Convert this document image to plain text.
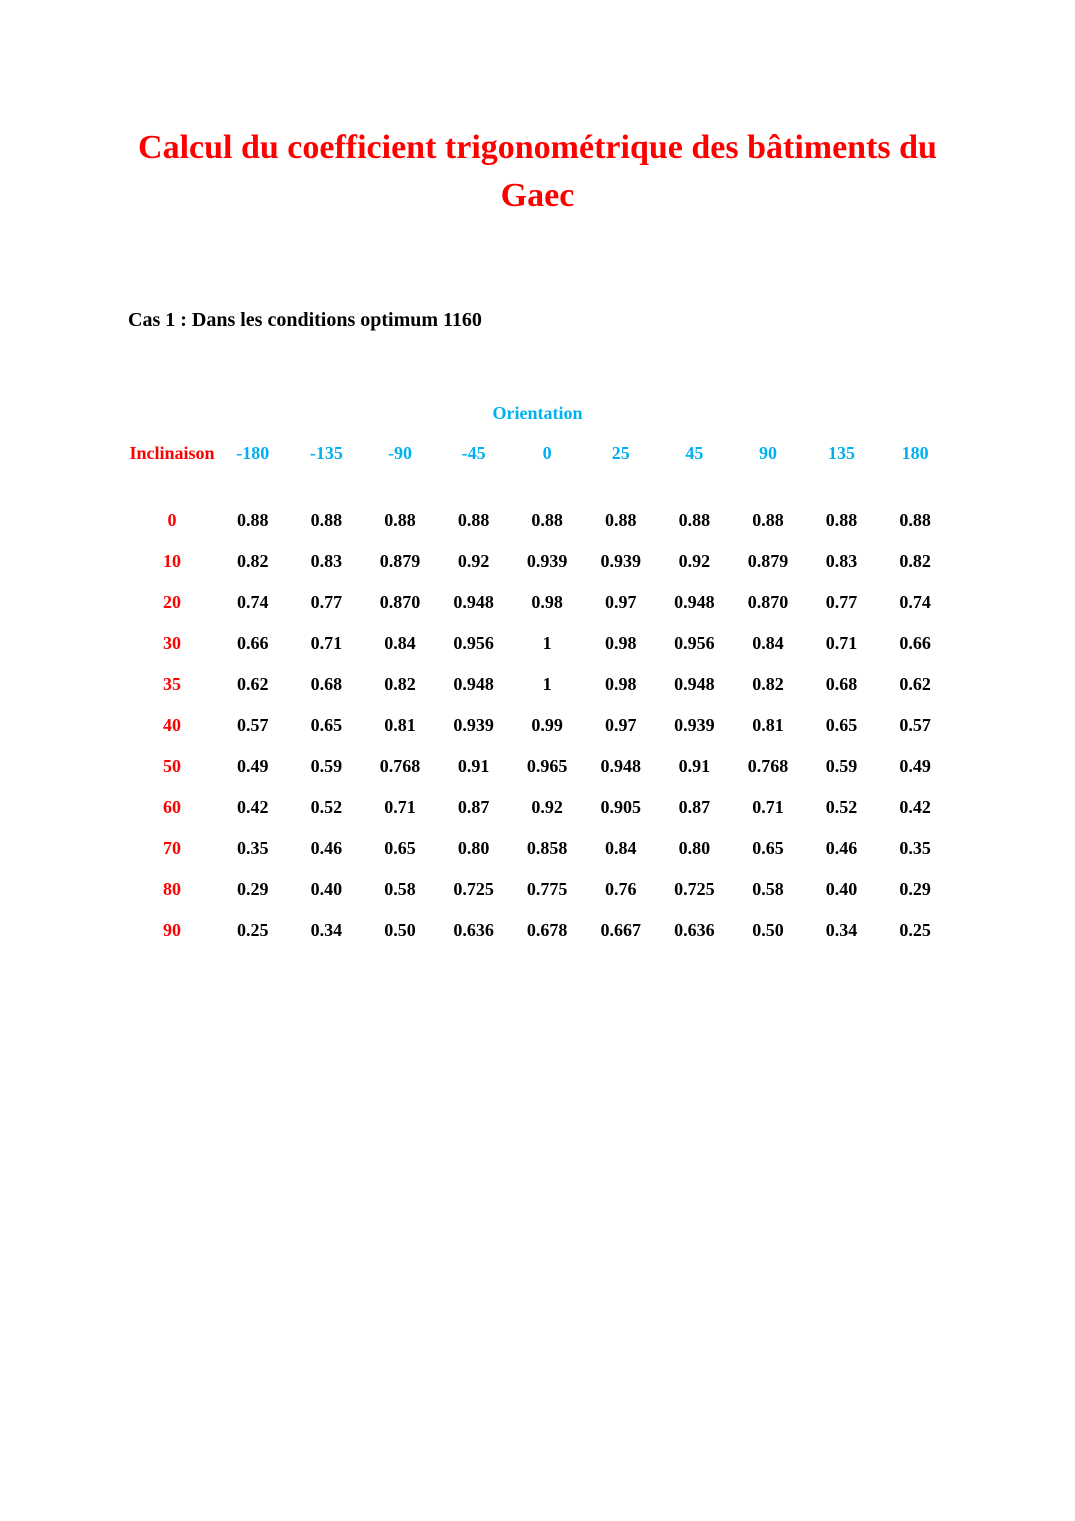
Calcul du coefficient trigonométrique des bâtiments du Gaec
Cas 1 : Dans les conditions optimum 1160
Orientation
Inclinaison	-180	-135	-90	-45	0	25	45	90	135	180
0	0.88	0.88	0.88	0.88	0.88	0.88	0.88	0.88	0.88	0.88
10	0.82	0.83	0.879	0.92	0.939	0.939	0.92	0.879	0.83	0.82
20	0.74	0.77	0.870	0.948	0.98	0.97	0.948	0.870	0.77	0.74
30	0.66	0.71	0.84	0.956	1	0.98	0.956	0.84	0.71	0.66
35	0.62	0.68	0.82	0.948	1	0.98	0.948	0.82	0.68	0.62
40	0.57	0.65	0.81	0.939	0.99	0.97	0.939	0.81	0.65	0.57
50	0.49	0.59	0.768	0.91	0.965	0.948	0.91	0.768	0.59	0.49
60	0.42	0.52	0.71	0.87	0.92	0.905	0.87	0.71	0.52	0.42
70	0.35	0.46	0.65	0.80	0.858	0.84	0.80	0.65	0.46	0.35
80	0.29	0.40	0.58	0.725	0.775	0.76	0.725	0.58	0.40	0.29
90	0.25	0.34	0.50	0.636	0.678	0.667	0.636	0.50	0.34	0.25
